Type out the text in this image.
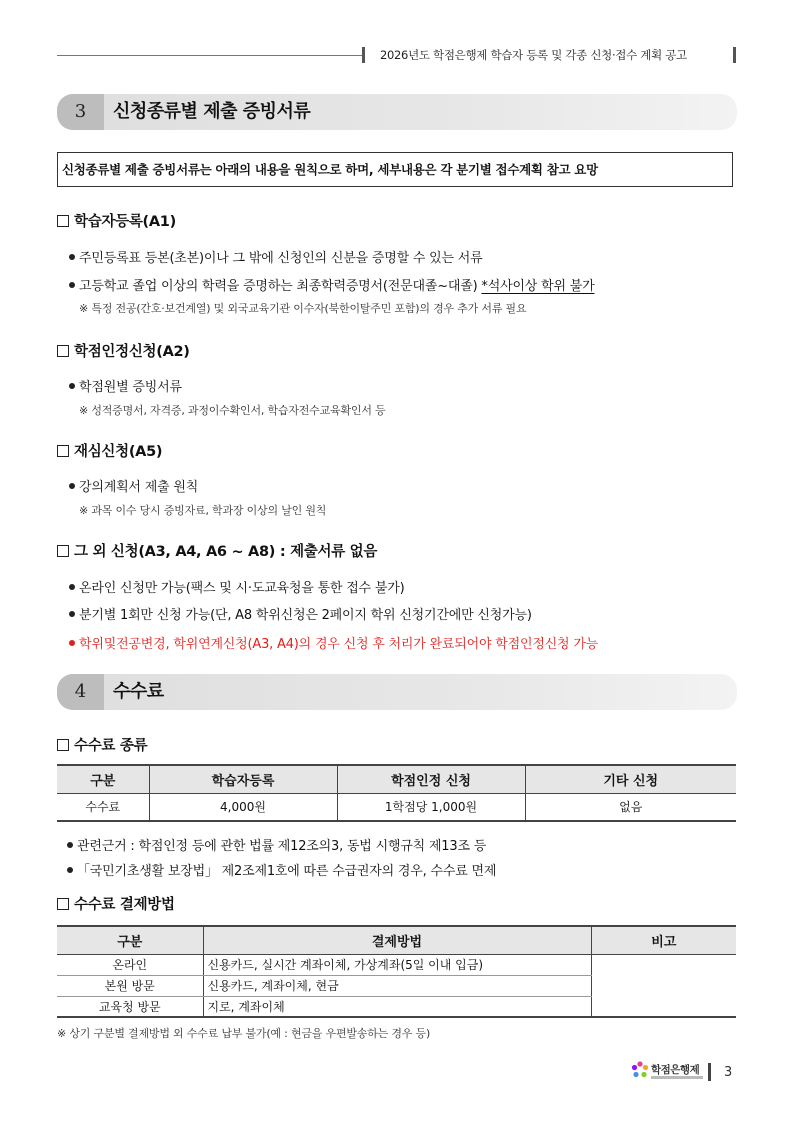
2026년도 학점은행제 학습자 등록 및 각종 신청·접수 계획 공고
3	신청종류별 제출 증빙서류
신청종류별 제출 증빙서류는 아래의 내용을 원칙으로 하며, 세부내용은 각 분기별 접수계획 참고 요망
학습자등록(A1)
주민등록표 등본(초본)이나 그 밖에 신청인의 신분을 증명할 수 있는 서류
고등학교 졸업 이상의 학력을 증명하는 최종학력증명서(전문대졸~대졸) *석사이상 학위 불가
※ 특정 전공(간호·보건계열) 및 외국교육기관 이수자(북한이탈주민 포함)의 경우 추가 서류 필요
학점인정신청(A2)
학점원별 증빙서류
※ 성적증명서, 자격증, 과정이수확인서, 학습자전수교육확인서 등
재심신청(A5)
강의계획서 제출 원칙
※ 과목 이수 당시 증빙자료, 학과장 이상의 날인 원칙
그 외 신청(A3, A4, A6 ~ A8) : 제출서류 없음
온라인 신청만 가능(팩스 및 시·도교육청을 통한 접수 불가)
분기별 1회만 신청 가능(단, A8 학위신청은 2페이지 학위 신청기간에만 신청가능)
학위및전공변경, 학위연계신청(A3, A4)의 경우 신청 후 처리가 완료되어야 학점인정신청 가능
4	수수료
수수료 종류
구분	학습자등록	학점인정 신청	기타 신청
수수료	4,000원	1학점당 1,000원	없음
관련근거 : 학점인정 등에 관한 법률 제12조의3, 동법 시행규칙 제13조 등
「국민기초생활 보장법」 제2조제1호에 따른 수급권자의 경우, 수수료 면제
수수료 결제방법
구분	결제방법	비고
온라인	신용카드, 실시간 계좌이체, 가상계좌(5일 이내 입금)	
본원 방문	신용카드, 계좌이체, 현금	
교육청 방문	지로, 계좌이체	
※ 상기 구분별 결제방법 외 수수료 납부 불가(예 : 현금을 우편발송하는 경우 등)
학점은행제 3
